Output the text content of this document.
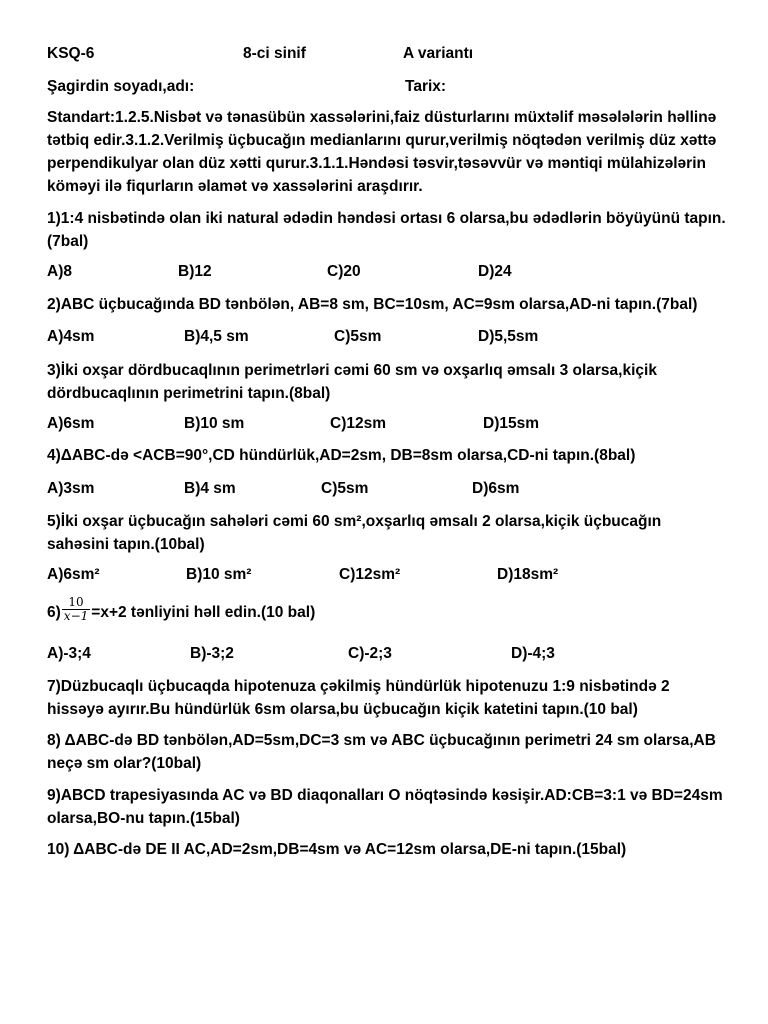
KSQ-6	8-ci sinif	A variantı
Şagirdin soyadı,adı:	Tarix:
Standart:1.2.5.Nisbət və tənasübün xassələrini,faiz düsturlarını müxtəlif məsələlərin həllinə tətbiq edir.3.1.2.Verilmiş üçbucağın medianlarını qurur,verilmiş nöqtədən verilmiş düz xəttə perpendikulyar olan düz xətti qurur.3.1.1.Həndəsi təsvir,təsəvvür və məntiqi mülahizələrin köməyi ilə fiqurların əlamət və xassələrini araşdırır.
1)1:4 nisbətində olan iki natural ədədin həndəsi ortası 6 olarsa,bu ədədlərin böyüyünü tapın. (7bal)
A)8	B)12	C)20	D)24
2)ABC üçbucağında BD tənbölən, AB=8 sm, BC=10sm, AC=9sm olarsa,AD-ni tapın.(7bal)
A)4sm	B)4,5 sm	C)5sm	D)5,5sm
3)İki oxşar dördbucaqlının perimetrləri cəmi 60 sm və oxşarlıq əmsalı 3 olarsa,kiçik dördbucaqlının perimetrini tapın.(8bal)
A)6sm	B)10 sm	C)12sm	D)15sm
4)ΔABC-də <ACB=90°,CD hündürlük,AD=2sm, DB=8sm olarsa,CD-ni tapın.(8bal)
A)3sm	B)4 sm	C)5sm	D)6sm
5)İki oxşar üçbucağın sahələri cəmi 60 sm²,oxşarlıq əmsalı 2 olarsa,kiçik üçbucağın sahəsini tapın.(10bal)
A)6sm²	B)10 sm²	C)12sm²	D)18sm²
$6) \frac{10}{x-1} =x+2$ tənliyini həll edin.(10 bal)
A)-3;4	B)-3;2	C)-2;3	D)-4;3
7)Düzbucaqlı üçbucaqda hipotenuza çəkilmiş hündürlük hipotenuzu 1:9 nisbətində 2 hissəyə ayırır.Bu hündürlük 6sm olarsa,bu üçbucağın kiçik katetini tapın.(10 bal)
8) ΔABC-də BD tənbölən,AD=5sm,DC=3 sm və ABC üçbucağının perimetri 24 sm olarsa,AB neçə sm olar?(10bal)
9)ABCD trapesiyasında AC və BD diaqonalları O nöqtəsində kəsişir.AD:CB=3:1 və BD=24sm olarsa,BO-nu tapın.(15bal)
10) ΔABC-də DE II AC,AD=2sm,DB=4sm və AC=12sm olarsa,DE-ni tapın.(15bal)
